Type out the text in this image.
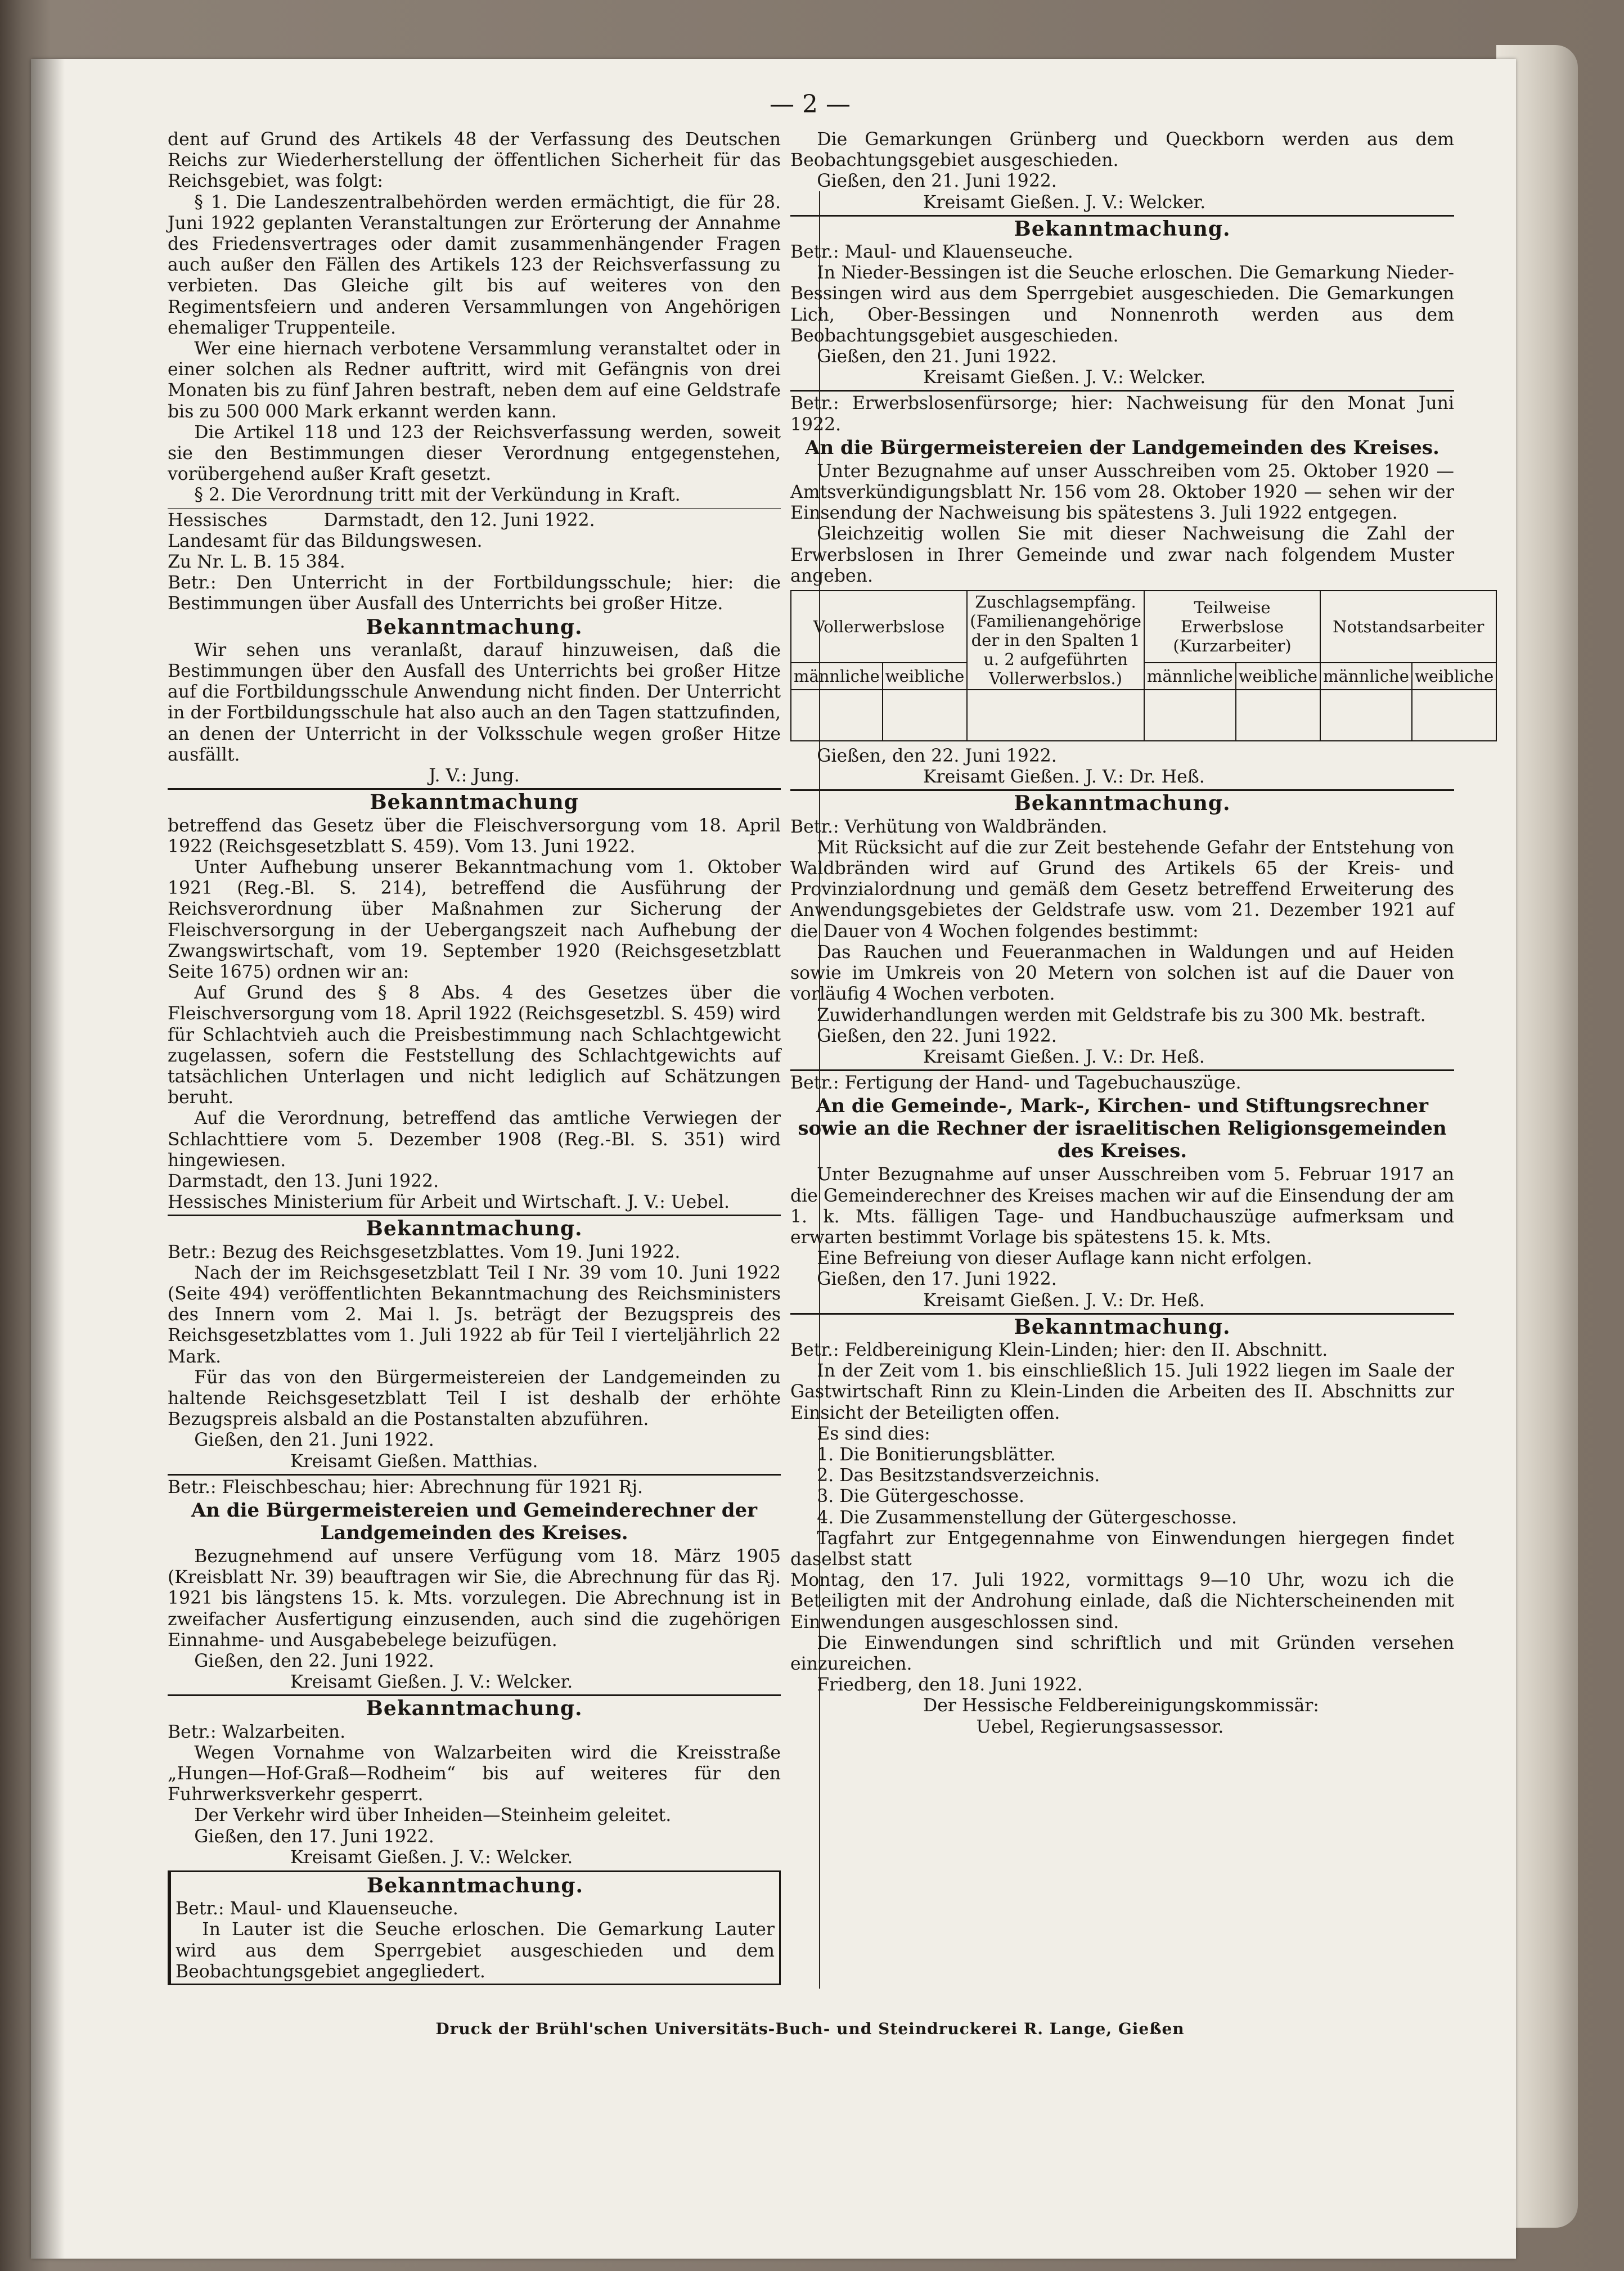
— 2 —

dent auf Grund des Artikels 48 der Verfassung des Deutschen Reichs zur Wiederherstellung der öffentlichen Sicherheit für das Reichsgebiet, was folgt:

§ 1. Die Landeszentralbehörden werden ermächtigt, die für 28. Juni 1922 geplanten Veranstaltungen zur Erörterung der Annahme des Friedensvertrages oder damit zusammenhängender Fragen auch außer den Fällen des Artikels 123 der Reichsverfassung zu verbieten. Das Gleiche gilt bis auf weiteres von den Regimentsfeiern und anderen Versammlungen von Angehörigen ehemaliger Truppenteile.

Wer eine hiernach verbotene Versammlung veranstaltet oder in einer solchen als Redner auftritt, wird mit Gefängnis von drei Monaten bis zu fünf Jahren bestraft, neben dem auf eine Geldstrafe bis zu 500 000 Mark erkannt werden kann.

Die Artikel 118 und 123 der Reichsverfassung werden, soweit sie den Bestimmungen dieser Verordnung entgegenstehen, vorübergehend außer Kraft gesetzt.

§ 2. Die Verordnung tritt mit der Verkündung in Kraft.

Hessisches          Darmstadt, den 12. Juni 1922.

Landesamt für das Bildungswesen.

Zu Nr. L. B. 15 384.

Betr.: Den Unterricht in der Fortbildungsschule; hier: die Bestimmungen über Ausfall des Unterrichts bei großer Hitze.

Bekanntmachung.

Wir sehen uns veranlaßt, darauf hinzuweisen, daß die Bestimmungen über den Ausfall des Unterrichts bei großer Hitze auf die Fortbildungsschule Anwendung nicht finden. Der Unterricht in der Fortbildungsschule hat also auch an den Tagen stattzufinden, an denen der Unterricht in der Volksschule wegen großer Hitze ausfällt.

J. V.: Jung.

Bekanntmachung

betreffend das Gesetz über die Fleischversorgung vom 18. April 1922 (Reichsgesetzblatt S. 459). Vom 13. Juni 1922.

Unter Aufhebung unserer Bekanntmachung vom 1. Oktober 1921 (Reg.-Bl. S. 214), betreffend die Ausführung der Reichsverordnung über Maßnahmen zur Sicherung der Fleischversorgung in der Uebergangszeit nach Aufhebung der Zwangswirtschaft, vom 19. September 1920 (Reichsgesetzblatt Seite 1675) ordnen wir an:

Auf Grund des § 8 Abs. 4 des Gesetzes über die Fleischversorgung vom 18. April 1922 (Reichsgesetzbl. S. 459) wird für Schlachtvieh auch die Preisbestimmung nach Schlachtgewicht zugelassen, sofern die Feststellung des Schlachtgewichts auf tatsächlichen Unterlagen und nicht lediglich auf Schätzungen beruht.

Auf die Verordnung, betreffend das amtliche Verwiegen der Schlachttiere vom 5. Dezember 1908 (Reg.-Bl. S. 351) wird hingewiesen.

Darmstadt, den 13. Juni 1922.

Hessisches Ministerium für Arbeit und Wirtschaft. J. V.: Uebel.

Bekanntmachung.

Betr.: Bezug des Reichsgesetzblattes. Vom 19. Juni 1922.

Nach der im Reichsgesetzblatt Teil I Nr. 39 vom 10. Juni 1922 (Seite 494) veröffentlichten Bekanntmachung des Reichsministers des Innern vom 2. Mai l. Js. beträgt der Bezugspreis des Reichsgesetzblattes vom 1. Juli 1922 ab für Teil I vierteljährlich 22 Mark.

Für das von den Bürgermeistereien der Landgemeinden zu haltende Reichsgesetzblatt Teil I ist deshalb der erhöhte Bezugspreis alsbald an die Postanstalten abzuführen.

Gießen, den 21. Juni 1922.

Kreisamt Gießen. Matthias.

Betr.: Fleischbeschau; hier: Abrechnung für 1921 Rj.

An die Bürgermeistereien und Gemeinderechner der Landgemeinden des Kreises.

Bezugnehmend auf unsere Verfügung vom 18. März 1905 (Kreisblatt Nr. 39) beauftragen wir Sie, die Abrechnung für das Rj. 1921 bis längstens 15. k. Mts. vorzulegen. Die Abrechnung ist in zweifacher Ausfertigung einzusenden, auch sind die zugehörigen Einnahme- und Ausgabebelege beizufügen.

Gießen, den 22. Juni 1922.

Kreisamt Gießen. J. V.: Welcker.

Bekanntmachung.

Betr.: Walzarbeiten.

Wegen Vornahme von Walzarbeiten wird die Kreisstraße „Hungen—Hof-Graß—Rodheim“ bis auf weiteres für den Fuhrwerksverkehr gesperrt.

Der Verkehr wird über Inheiden—Steinheim geleitet.

Gießen, den 17. Juni 1922.

Kreisamt Gießen. J. V.: Welcker.

Bekanntmachung.

Betr.: Maul- und Klauenseuche.

In Lauter ist die Seuche erloschen. Die Gemarkung Lauter wird aus dem Sperrgebiet ausgeschieden und dem Beobachtungsgebiet angegliedert.

Die Gemarkungen Grünberg und Queckborn werden aus dem Beobachtungsgebiet ausgeschieden.

Gießen, den 21. Juni 1922.

Kreisamt Gießen. J. V.: Welcker.

Bekanntmachung.

Betr.: Maul- und Klauenseuche.

In Nieder-Bessingen ist die Seuche erloschen. Die Gemarkung Nieder-Bessingen wird aus dem Sperrgebiet ausgeschieden. Die Gemarkungen Lich, Ober-Bessingen und Nonnenroth werden aus dem Beobachtungsgebiet ausgeschieden.

Gießen, den 21. Juni 1922.

Kreisamt Gießen. J. V.: Welcker.

Betr.: Erwerbslosenfürsorge; hier: Nachweisung für den Monat Juni 1922.

An die Bürgermeistereien der Landgemeinden des Kreises.

Unter Bezugnahme auf unser Ausschreiben vom 25. Oktober 1920 — Amtsverkündigungsblatt Nr. 156 vom 28. Oktober 1920 — sehen wir der Einsendung der Nachweisung bis spätestens 3. Juli 1922 entgegen.

Gleichzeitig wollen Sie mit dieser Nachweisung die Zahl der Erwerbslosen in Ihrer Gemeinde und zwar nach folgendem Muster angeben.

Vollerwerbslose		Zuschlagsempfäng.(Familienangehörige der in den Spalten 1 u. 2 aufgeführten Vollerwerbslos.)	Teilweise Erwerbslose (Kurzarbeiter)		Notstandsarbeiter	
männliche	weibliche		männliche	weibliche	männliche	weibliche

Gießen, den 22. Juni 1922.

Kreisamt Gießen. J. V.: Dr. Heß.

Bekanntmachung.

Betr.: Verhütung von Waldbränden.

Mit Rücksicht auf die zur Zeit bestehende Gefahr der Entstehung von Waldbränden wird auf Grund des Artikels 65 der Kreis- und Provinzialordnung und gemäß dem Gesetz betreffend Erweiterung des Anwendungsgebietes der Geldstrafe usw. vom 21. Dezember 1921 auf die Dauer von 4 Wochen folgendes bestimmt:

Das Rauchen und Feueranmachen in Waldungen und auf Heiden sowie im Umkreis von 20 Metern von solchen ist auf die Dauer von vorläufig 4 Wochen verboten.

Zuwiderhandlungen werden mit Geldstrafe bis zu 300 Mk. bestraft.

Gießen, den 22. Juni 1922.

Kreisamt Gießen. J. V.: Dr. Heß.

Betr.: Fertigung der Hand- und Tagebuchauszüge.

An die Gemeinde-, Mark-, Kirchen- und Stiftungsrechner sowie an die Rechner der israelitischen Religionsgemeinden des Kreises.

Unter Bezugnahme auf unser Ausschreiben vom 5. Februar 1917 an die Gemeinderechner des Kreises machen wir auf die Einsendung der am 1. k. Mts. fälligen Tage- und Handbuchauszüge aufmerksam und erwarten bestimmt Vorlage bis spätestens 15. k. Mts.

Eine Befreiung von dieser Auflage kann nicht erfolgen.

Gießen, den 17. Juni 1922.

Kreisamt Gießen. J. V.: Dr. Heß.

Bekanntmachung.

Betr.: Feldbereinigung Klein-Linden; hier: den II. Abschnitt.

In der Zeit vom 1. bis einschließlich 15. Juli 1922 liegen im Saale der Gastwirtschaft Rinn zu Klein-Linden die Arbeiten des II. Abschnitts zur Einsicht der Beteiligten offen.

Es sind dies:

1. Die Bonitierungsblätter.

2. Das Besitzstandsverzeichnis.

3. Die Gütergeschosse.

4. Die Zusammenstellung der Gütergeschosse.

Tagfahrt zur Entgegennahme von Einwendungen hiergegen findet daselbst statt

Montag, den 17. Juli 1922, vormittags 9—10 Uhr, wozu ich die Beteiligten mit der Androhung einlade, daß die Nichterscheinenden mit Einwendungen ausgeschlossen sind.

Die Einwendungen sind schriftlich und mit Gründen versehen einzureichen.

Friedberg, den 18. Juni 1922.

Der Hessische Feldbereinigungskommissär:

Uebel, Regierungsassessor.

Druck der Brühl'schen Universitäts-Buch- und Steindruckerei R. Lange, Gießen
